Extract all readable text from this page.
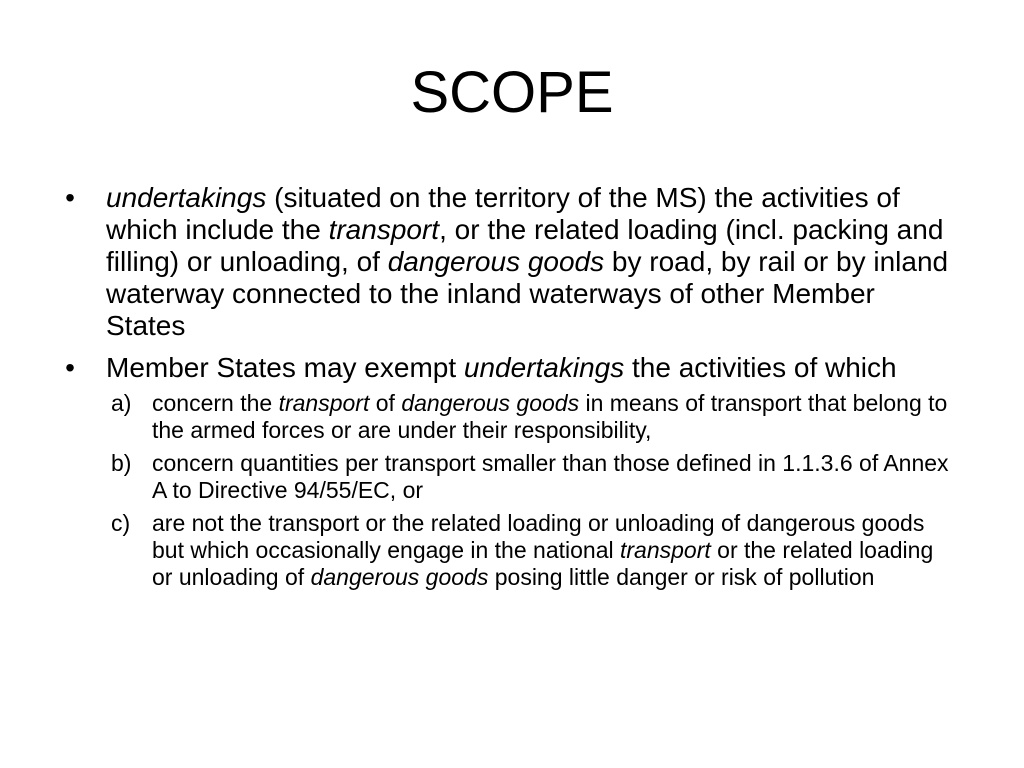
SCOPE
• undertakings (situated on the territory of the MS) the activities of which include the transport, or the related loading (incl. packing and filling) or unloading, of dangerous goods by road, by rail or by inland waterway connected to the inland waterways of other Member States
• Member States may exempt undertakings the activities of which
a) concern the transport of dangerous goods in means of transport that belong to the armed forces or are under their responsibility,
b) concern quantities per transport smaller than those defined in 1.1.3.6 of Annex A to Directive 94/55/EC, or
c) are not the transport or the related loading or unloading of dangerous goods but which occasionally engage in the national transport or the related loading or unloading of dangerous goods posing little danger or risk of pollution
